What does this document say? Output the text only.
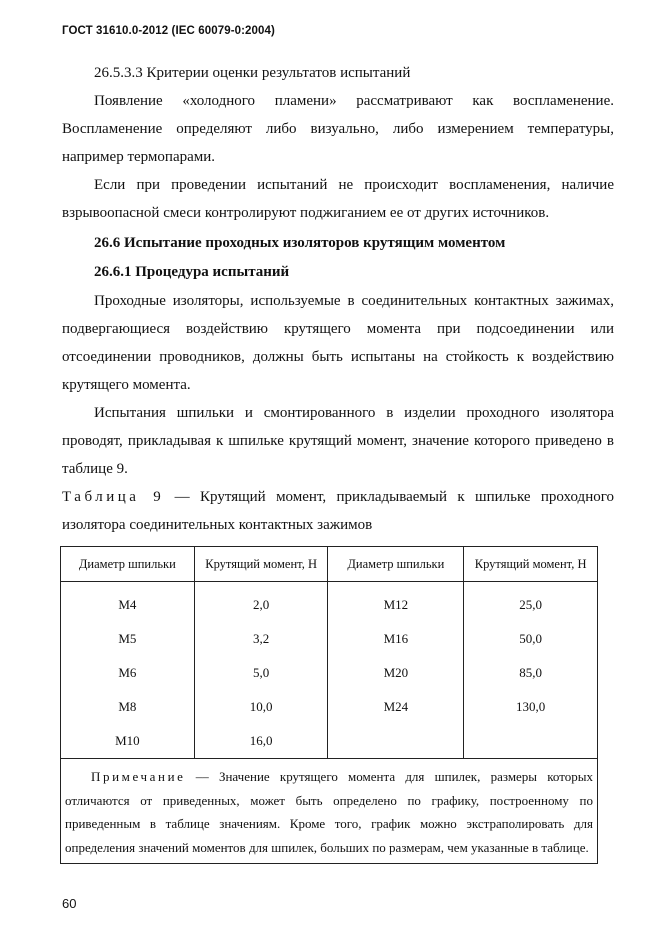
ГОСТ 31610.0-2012 (IEC 60079-0:2004)

26.5.3.3 Критерии оценки результатов испытаний

Появление «холодного пламени» рассматривают как воспламенение. Воспламенение определяют либо визуально, либо измерением температуры, например термопарами.

Если при проведении испытаний не происходит воспламенения, наличие взрывоопасной смеси контролируют поджиганием ее от других источников.

26.6 Испытание проходных изоляторов крутящим моментом

26.6.1 Процедура испытаний

Проходные изоляторы, используемые в соединительных контактных зажимах, подвергающиеся воздействию крутящего момента при подсоединении или отсоединении проводников, должны быть испытаны на стойкость к воздействию крутящего момента.

Испытания шпильки и смонтированного в изделии проходного изолятора проводят, прикладывая к шпильке крутящий момент, значение которого приведено в таблице 9.

Таблица 9 — Крутящий момент, прикладываемый к шпильке проходного изолятора соединительных контактных зажимов

Диаметр шпильки	Крутящий момент, Н	Диаметр шпильки	Крутящий момент, Н
М4	2,0	М12	25,0
М5	3,2	М16	50,0
М6	5,0	М20	85,0
М8	10,0	М24	130,0
М10	16,0		
Примечание –– Значение крутящего момента для шпилек, размеры которых отличаются от приведенных, может быть определено по графику, построенному по приведенным в таблице значениям. Кроме того, график можно экстраполировать для определения значений моментов для шпилек, больших по размерам, чем указанные в таблице.			
60
